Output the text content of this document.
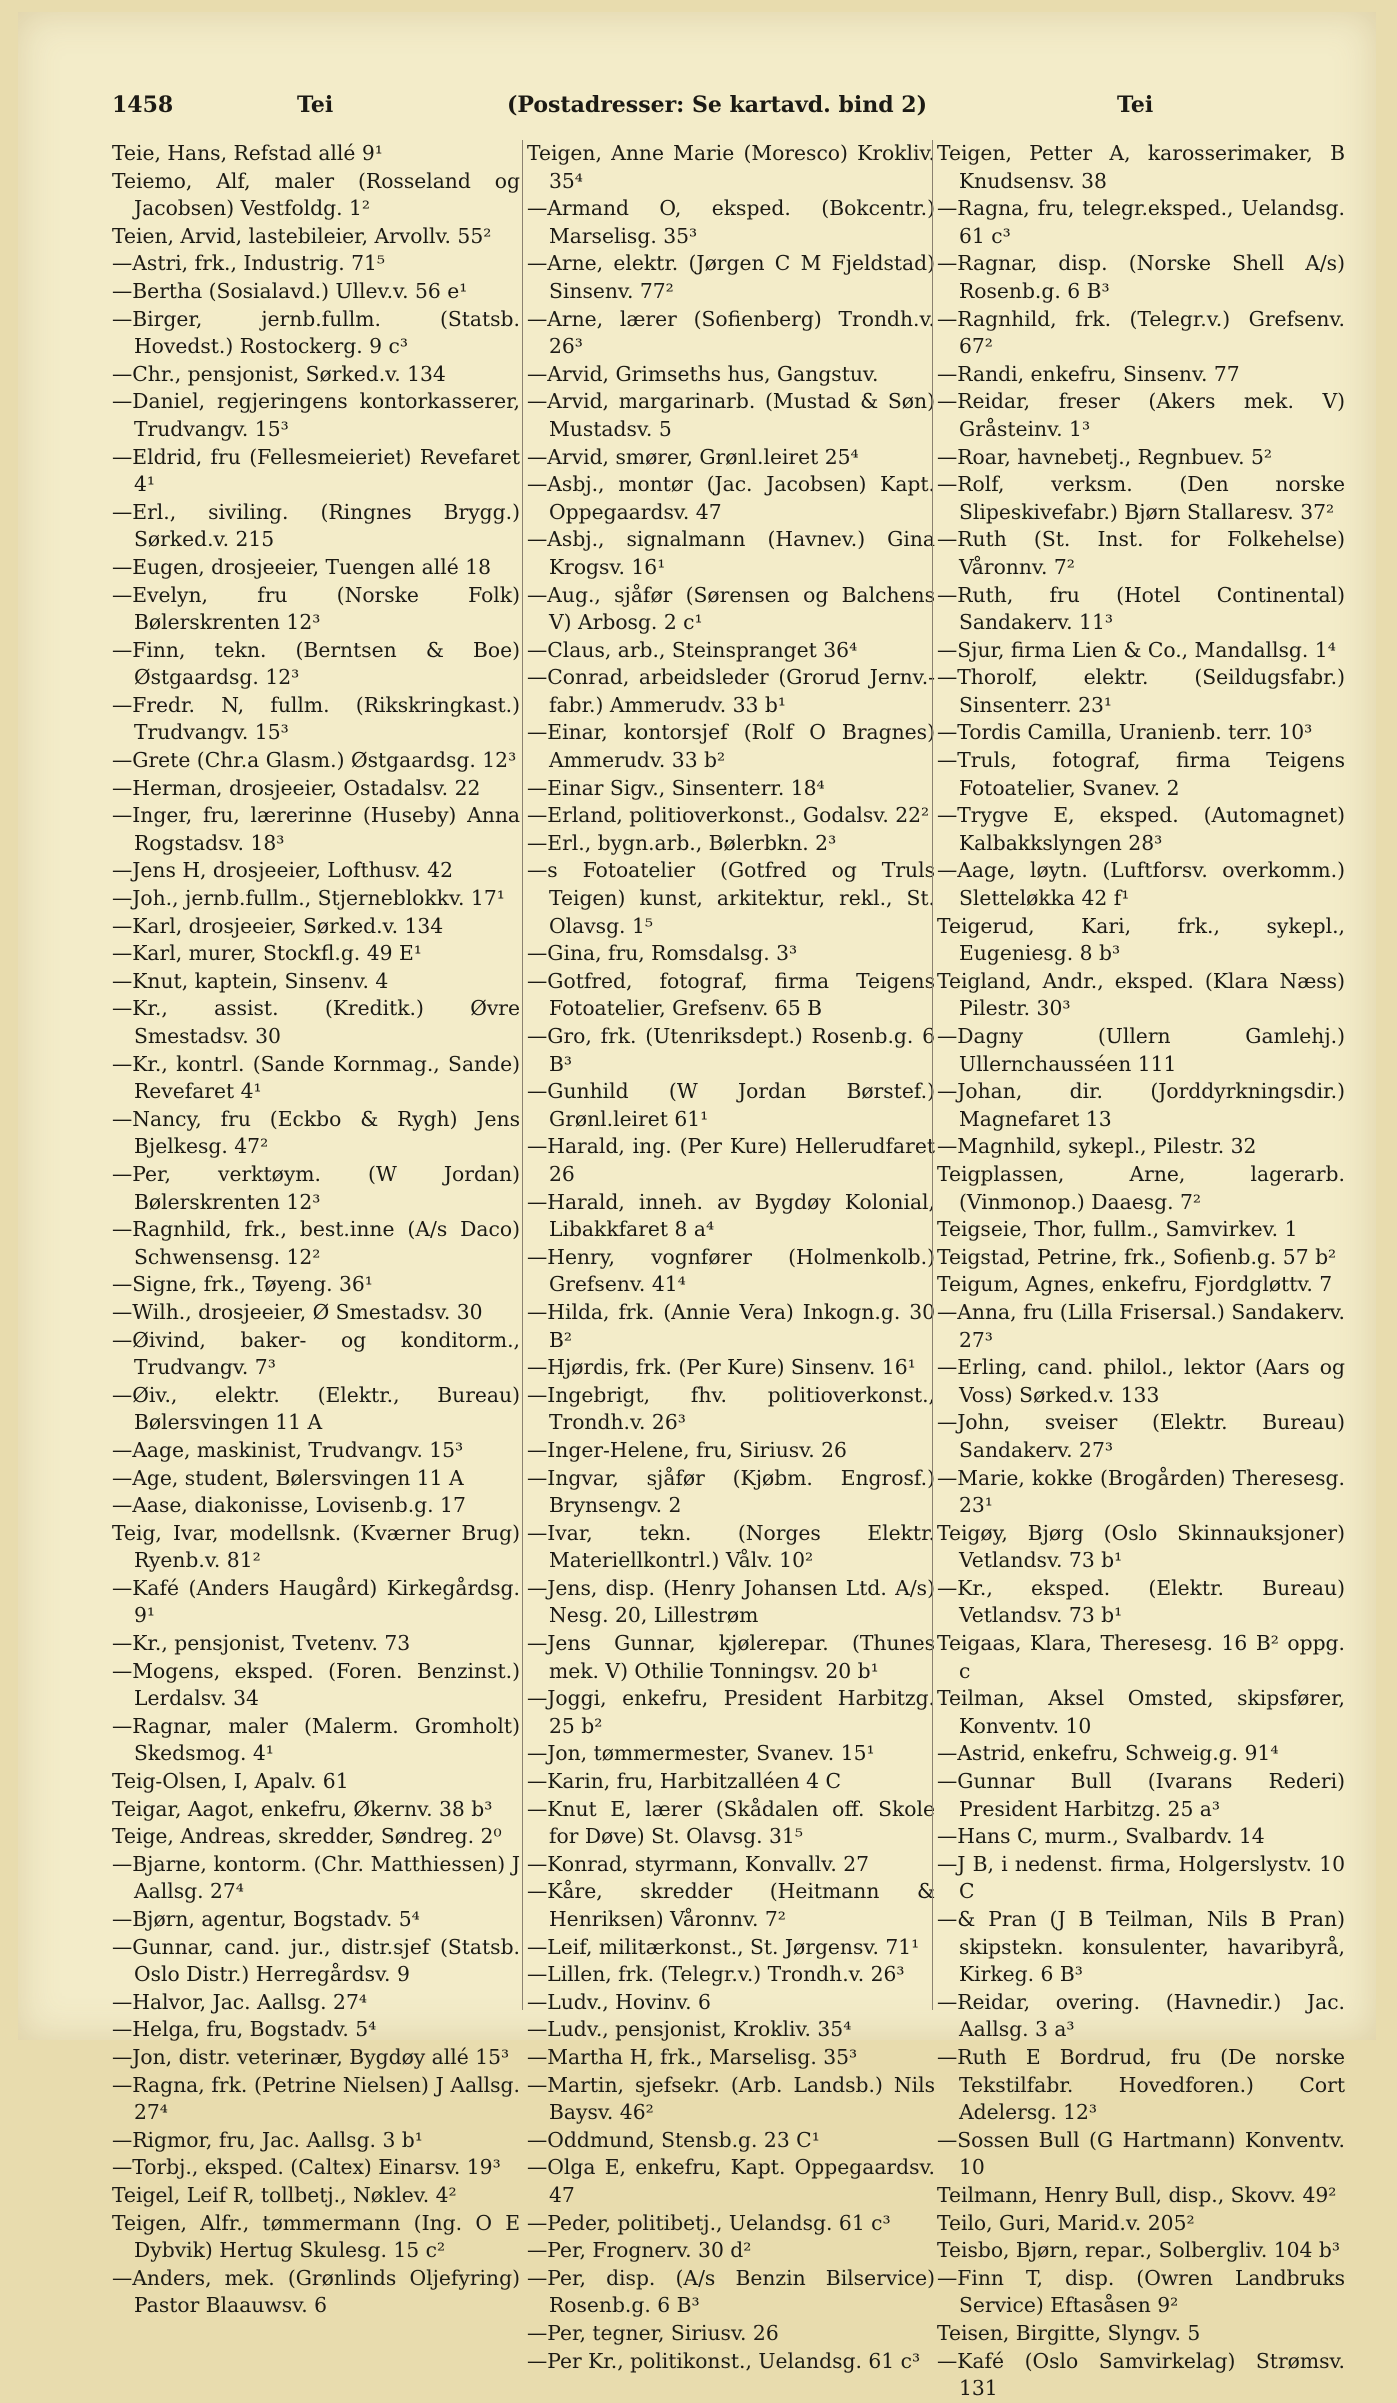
1458	Tei	(Postadresser: Se kartavd. bind 2)	Tei

Teie, Hans, Refstad allé 9¹

Teiemo, Alf, maler (Rosseland og Jacobsen) Vestfoldg. 1²

Teien, Arvid, lastebileier, Arvollv. 55²

—Astri, frk., Industrig. 71⁵

—Bertha (Sosialavd.) Ullev.v. 56 e¹

—Birger, jernb.fullm. (Statsb. Hovedst.) Rostockerg. 9 c³

—Chr., pensjonist, Sørked.v. 134

—Daniel, regjeringens kontorkasserer, Trudvangv. 15³

—Eldrid, fru (Fellesmeieriet) Revefaret 4¹

—Erl., siviling. (Ringnes Brygg.) Sørked.v. 215

—Eugen, drosjeeier, Tuengen allé 18

—Evelyn, fru (Norske Folk) Bølerskrenten 12³

—Finn, tekn. (Berntsen & Boe) Østgaardsg. 12³

—Fredr. N, fullm. (Rikskringkast.) Trudvangv. 15³

—Grete (Chr.a Glasm.) Østgaardsg. 12³

—Herman, drosjeeier, Ostadalsv. 22

—Inger, fru, lærerinne (Huseby) Anna Rogstadsv. 18³

—Jens H, drosjeeier, Lofthusv. 42

—Joh., jernb.fullm., Stjerneblokkv. 17¹

—Karl, drosjeeier, Sørked.v. 134

—Karl, murer, Stockfl.g. 49 E¹

—Knut, kaptein, Sinsenv. 4

—Kr., assist. (Kreditk.) Øvre Smestadsv. 30

—Kr., kontrl. (Sande Kornmag., Sande) Revefaret 4¹

—Nancy, fru (Eckbo & Rygh) Jens Bjelkesg. 47²

—Per, verktøym. (W Jordan) Bølerskrenten 12³

—Ragnhild, frk., best.inne (A/s Daco) Schwensensg. 12²

—Signe, frk., Tøyeng. 36¹

—Wilh., drosjeeier, Ø Smestadsv. 30

—Øivind, baker- og konditorm., Trudvangv. 7³

—Øiv., elektr. (Elektr., Bureau) Bølersvingen 11 A

—Aage, maskinist, Trudvangv. 15³

—Age, student, Bølersvingen 11 A

—Aase, diakonisse, Lovisenb.g. 17

Teig, Ivar, modellsnk. (Kværner Brug) Ryenb.v. 81²

—Kafé (Anders Haugård) Kirkegårdsg. 9¹

—Kr., pensjonist, Tvetenv. 73

—Mogens, eksped. (Foren. Benzinst.) Lerdalsv. 34

—Ragnar, maler (Malerm. Gromholt) Skedsmog. 4¹

Teig-Olsen, I, Apalv. 61

Teigar, Aagot, enkefru, Økernv. 38 b³

Teige, Andreas, skredder, Søndreg. 2⁰

—Bjarne, kontorm. (Chr. Matthiessen) J Aallsg. 27⁴

—Bjørn, agentur, Bogstadv. 5⁴

—Gunnar, cand. jur., distr.sjef (Statsb. Oslo Distr.) Herregårdsv. 9

—Halvor, Jac. Aallsg. 27⁴

—Helga, fru, Bogstadv. 5⁴

—Jon, distr. veterinær, Bygdøy allé 15³

—Ragna, frk. (Petrine Nielsen) J Aallsg. 27⁴

—Rigmor, fru, Jac. Aallsg. 3 b¹

—Torbj., eksped. (Caltex) Einarsv. 19³

Teigel, Leif R, tollbetj., Nøklev. 4²

Teigen, Alfr., tømmermann (Ing. O E Dybvik) Hertug Skulesg. 15 c²

—Anders, mek. (Grønlinds Oljefyring) Pastor Blaauwsv. 6

Teigen, Anne Marie (Moresco) Krokliv. 35⁴

—Armand O, eksped. (Bokcentr.) Marselisg. 35³

—Arne, elektr. (Jørgen C M Fjeldstad) Sinsenv. 77²

—Arne, lærer (Sofienberg) Trondh.v. 26³

—Arvid, Grimseths hus, Gangstuv.

—Arvid, margarinarb. (Mustad & Søn) Mustadsv. 5

—Arvid, smører, Grønl.leiret 25⁴

—Asbj., montør (Jac. Jacobsen) Kapt. Oppegaardsv. 47

—Asbj., signalmann (Havnev.) Gina Krogsv. 16¹

—Aug., sjåfør (Sørensen og Balchens V) Arbosg. 2 c¹

—Claus, arb., Steinspranget 36⁴

—Conrad, arbeidsleder (Grorud Jernv.-fabr.) Ammerudv. 33 b¹

—Einar, kontorsjef (Rolf O Bragnes) Ammerudv. 33 b²

—Einar Sigv., Sinsenterr. 18⁴

—Erland, politioverkonst., Godalsv. 22²

—Erl., bygn.arb., Bølerbkn. 2³

—s Fotoatelier (Gotfred og Truls Teigen) kunst, arkitektur, rekl., St. Olavsg. 1⁵

—Gina, fru, Romsdalsg. 3³

—Gotfred, fotograf, firma Teigens Fotoatelier, Grefsenv. 65 B

—Gro, frk. (Utenriksdept.) Rosenb.g. 6 B³

—Gunhild (W Jordan Børstef.) Grønl.leiret 61¹

—Harald, ing. (Per Kure) Hellerudfaret 26

—Harald, inneh. av Bygdøy Kolonial, Libakkfaret 8 a⁴

—Henry, vognfører (Holmenkolb.) Grefsenv. 41⁴

—Hilda, frk. (Annie Vera) Inkogn.g. 30 B²

—Hjørdis, frk. (Per Kure) Sinsenv. 16¹

—Ingebrigt, fhv. politioverkonst., Trondh.v. 26³

—Inger-Helene, fru, Siriusv. 26

—Ingvar, sjåfør (Kjøbm. Engrosf.) Brynsengv. 2

—Ivar, tekn. (Norges Elektr. Materiellkontrl.) Vålv. 10²

—Jens, disp. (Henry Johansen Ltd. A/s) Nesg. 20, Lillestrøm

—Jens Gunnar, kjølerepar. (Thunes mek. V) Othilie Tonningsv. 20 b¹

—Joggi, enkefru, President Harbitzg. 25 b²

—Jon, tømmermester, Svanev. 15¹

—Karin, fru, Harbitzalléen 4 C

—Knut E, lærer (Skådalen off. Skole for Døve) St. Olavsg. 31⁵

—Konrad, styrmann, Konvallv. 27

—Kåre, skredder (Heitmann & Henriksen) Våronnv. 7²

—Leif, militærkonst., St. Jørgensv. 71¹

—Lillen, frk. (Telegr.v.) Trondh.v. 26³

—Ludv., Hovinv. 6

—Ludv., pensjonist, Krokliv. 35⁴

—Martha H, frk., Marselisg. 35³

—Martin, sjefsekr. (Arb. Landsb.) Nils Baysv. 46²

—Oddmund, Stensb.g. 23 C¹

—Olga E, enkefru, Kapt. Oppegaardsv. 47

—Peder, politibetj., Uelandsg. 61 c³

—Per, Frognerv. 30 d²

—Per, disp. (A/s Benzin Bilservice) Rosenb.g. 6 B³

—Per, tegner, Siriusv. 26

—Per Kr., politikonst., Uelandsg. 61 c³

Teigen, Petter A, karosserimaker, B Knudsensv. 38

—Ragna, fru, telegr.eksped., Uelandsg. 61 c³

—Ragnar, disp. (Norske Shell A/s) Rosenb.g. 6 B³

—Ragnhild, frk. (Telegr.v.) Grefsenv. 67²

—Randi, enkefru, Sinsenv. 77

—Reidar, freser (Akers mek. V) Gråsteinv. 1³

—Roar, havnebetj., Regnbuev. 5²

—Rolf, verksm. (Den norske Slipeskivefabr.) Bjørn Stallaresv. 37²

—Ruth (St. Inst. for Folkehelse) Våronnv. 7²

—Ruth, fru (Hotel Continental) Sandakerv. 11³

—Sjur, firma Lien & Co., Mandallsg. 1⁴

—Thorolf, elektr. (Seildugsfabr.) Sinsenterr. 23¹

—Tordis Camilla, Uranienb. terr. 10³

—Truls, fotograf, firma Teigens Fotoatelier, Svanev. 2

—Trygve E, eksped. (Automagnet) Kalbakkslyngen 28³

—Aage, løytn. (Luftforsv. overkomm.) Sletteløkka 42 f¹

Teigerud, Kari, frk., sykepl., Eugeniesg. 8 b³

Teigland, Andr., eksped. (Klara Næss) Pilestr. 30³

—Dagny (Ullern Gamlehj.) Ullernchausséen 111

—Johan, dir. (Jorddyrkningsdir.) Magnefaret 13

—Magnhild, sykepl., Pilestr. 32

Teigplassen, Arne, lagerarb. (Vinmonop.) Daaesg. 7²

Teigseie, Thor, fullm., Samvirkev. 1

Teigstad, Petrine, frk., Sofienb.g. 57 b²

Teigum, Agnes, enkefru, Fjordgløttv. 7

—Anna, fru (Lilla Frisersal.) Sandakerv. 27³

—Erling, cand. philol., lektor (Aars og Voss) Sørked.v. 133

—John, sveiser (Elektr. Bureau) Sandakerv. 27³

—Marie, kokke (Brogården) Theresesg. 23¹

Teigøy, Bjørg (Oslo Skinnauksjoner) Vetlandsv. 73 b¹

—Kr., eksped. (Elektr. Bureau) Vetlandsv. 73 b¹

Teigaas, Klara, Theresesg. 16 B² oppg. c

Teilman, Aksel Omsted, skipsfører, Konventv. 10

—Astrid, enkefru, Schweig.g. 91⁴

—Gunnar Bull (Ivarans Rederi) President Harbitzg. 25 a³

—Hans C, murm., Svalbardv. 14

—J B, i nedenst. firma, Holgerslystv. 10 C

—& Pran (J B Teilman, Nils B Pran) skipstekn. konsulenter, havaribyrå, Kirkeg. 6 B³

—Reidar, overing. (Havnedir.) Jac. Aallsg. 3 a³

—Ruth E Bordrud, fru (De norske Tekstilfabr. Hovedforen.) Cort Adelersg. 12³

—Sossen Bull (G Hartmann) Konventv. 10

Teilmann, Henry Bull, disp., Skovv. 49²

Teilo, Guri, Marid.v. 205²

Teisbo, Bjørn, repar., Solbergliv. 104 b³

—Finn T, disp. (Owren Landbruks Service) Eftasåsen 9²

Teisen, Birgitte, Slyngv. 5

—Kafé (Oslo Samvirkelag) Strømsv. 131
